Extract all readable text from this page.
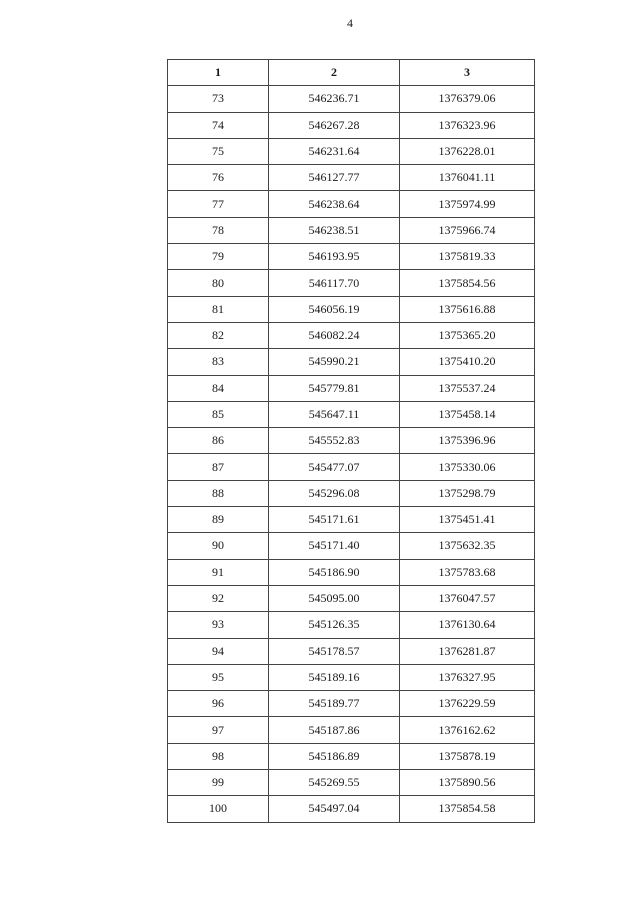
4
1	2	3
73	546236.71	1376379.06
74	546267.28	1376323.96
75	546231.64	1376228.01
76	546127.77	1376041.11
77	546238.64	1375974.99
78	546238.51	1375966.74
79	546193.95	1375819.33
80	546117.70	1375854.56
81	546056.19	1375616.88
82	546082.24	1375365.20
83	545990.21	1375410.20
84	545779.81	1375537.24
85	545647.11	1375458.14
86	545552.83	1375396.96
87	545477.07	1375330.06
88	545296.08	1375298.79
89	545171.61	1375451.41
90	545171.40	1375632.35
91	545186.90	1375783.68
92	545095.00	1376047.57
93	545126.35	1376130.64
94	545178.57	1376281.87
95	545189.16	1376327.95
96	545189.77	1376229.59
97	545187.86	1376162.62
98	545186.89	1375878.19
99	545269.55	1375890.56
100	545497.04	1375854.58
